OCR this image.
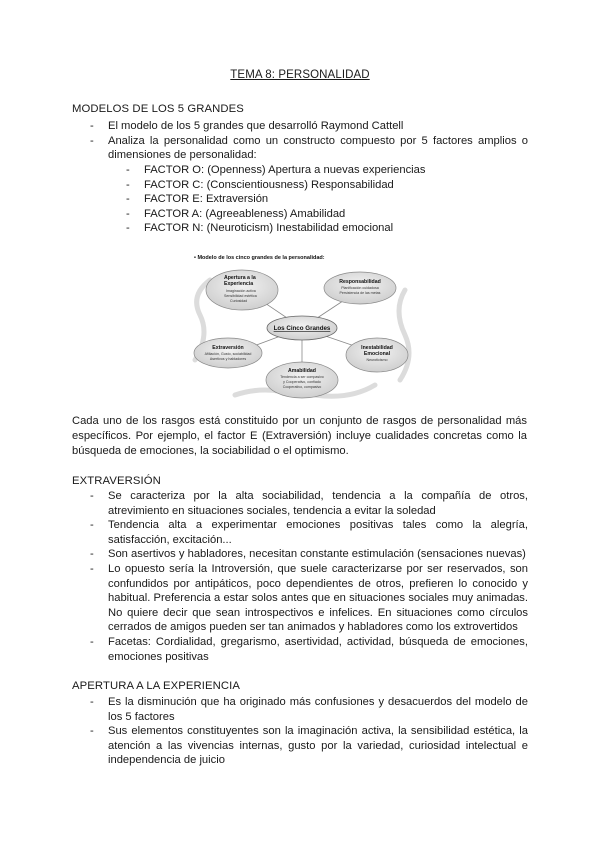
TEMA 8: PERSONALIDAD
MODELOS DE LOS 5 GRANDES
- El modelo de los 5 grandes que desarrolló Raymond Cattell
- Analiza la personalidad como un constructo compuesto por 5 factores amplios o dimensiones de personalidad:
- FACTOR O: (Openness) Apertura a nuevas experiencias
- FACTOR C: (Conscientiousness) Responsabilidad
- FACTOR E: Extraversión
- FACTOR A: (Agreeableness) Amabilidad
- FACTOR N: (Neuroticism) Inestabilidad emocional
• Modelo de los cinco grandes de la personalidad:
Los Cinco Grandes
Apertura a la
Experiencia
Imaginación activa
Sensibilidad estética
Curiosidad
Responsabilidad
Planificación cuidadosa
Persistencia de las metas
Extraversión
Afiliación, Gusto, sociabilidad
Asertivos y habladores
Inestabilidad
Emocional
Neuroticismo
Amabilidad
Tendencia a ser compasivo
y Cooperativo, confiado
Cooperativo, compasivo
Cada uno de los rasgos está constituido por un conjunto de rasgos de personalidad más específicos. Por ejemplo, el factor E (Extraversión) incluye cualidades concretas como la búsqueda de emociones, la sociabilidad o el optimismo.
EXTRAVERSIÓN
- Se caracteriza por la alta sociabilidad, tendencia a la compañía de otros, atrevimiento en situaciones sociales, tendencia a evitar la soledad
- Tendencia alta a experimentar emociones positivas tales como la alegría, satisfacción, excitación...
- Son asertivos y habladores, necesitan constante estimulación (sensaciones nuevas)
- Lo opuesto sería la Introversión, que suele caracterizarse por ser reservados, son confundidos por antipáticos, poco dependientes de otros, prefieren lo conocido y habitual. Preferencia a estar solos antes que en situaciones sociales muy animadas. No quiere decir que sean introspectivos e infelices. En situaciones como círculos cerrados de amigos pueden ser tan animados y habladores como los extrovertidos
- Facetas: Cordialidad, gregarismo, asertividad, actividad, búsqueda de emociones, emociones positivas
APERTURA A LA EXPERIENCIA
- Es la disminución que ha originado más confusiones y desacuerdos del modelo de los 5 factores
- Sus elementos constituyentes son la imaginación activa, la sensibilidad estética, la atención a las vivencias internas, gusto por la variedad, curiosidad intelectual e independencia de juicio
